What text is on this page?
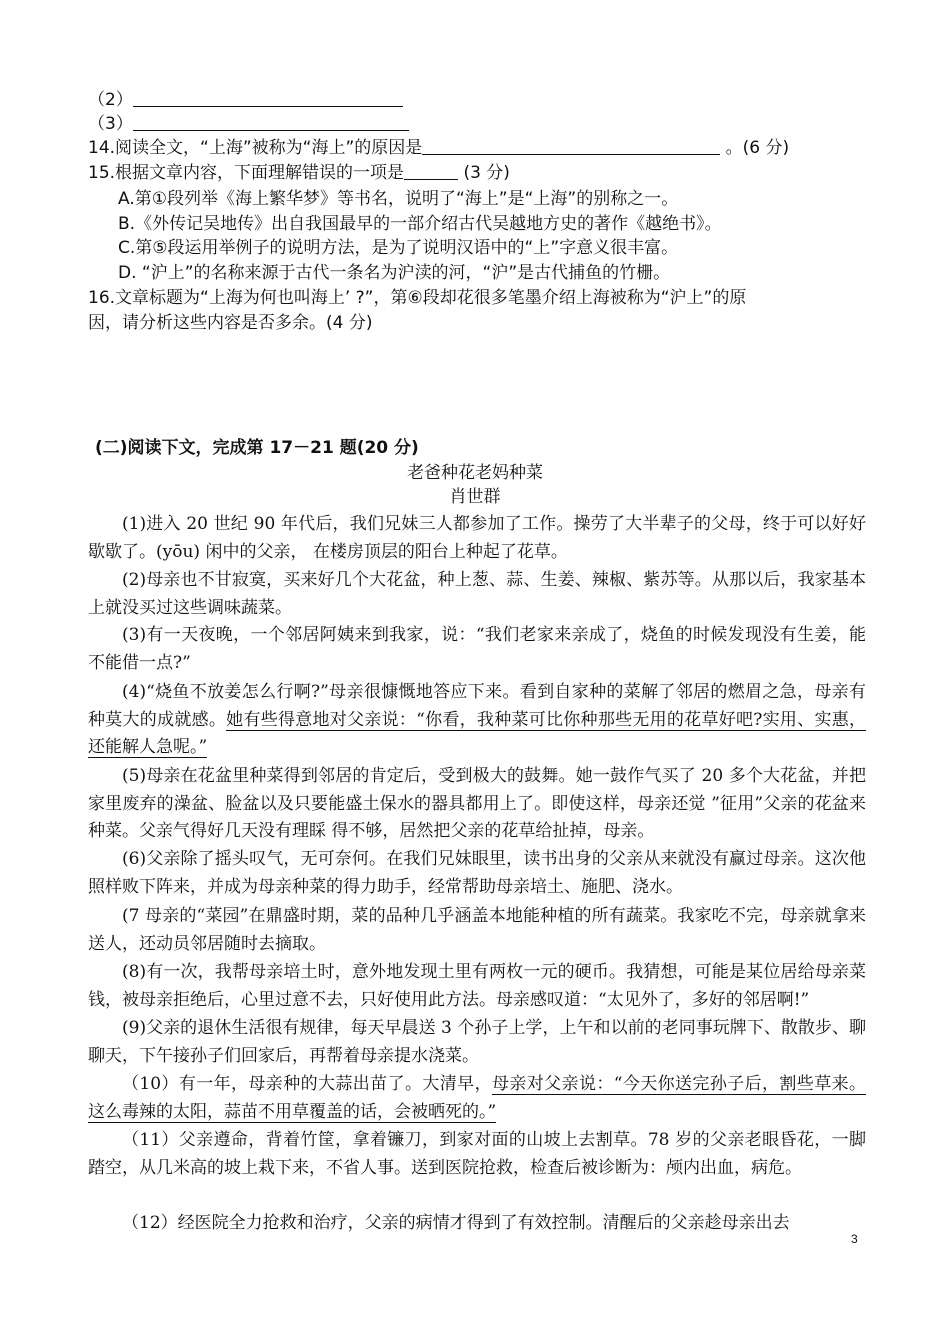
（2）
（3）
14.阅读全文，“上海”被称为“海上”的原因是	。(6 分)
15.根据文章内容，下面理解错误的一项是	(3 分)
A.第①段列举《海上繁华梦》等书名，说明了“海上”是“上海”的别称之一。
B.《外传记吴地传》出自我国最早的一部介绍古代吴越地方史的著作《越绝书》。
C.第⑤段运用举例子的说明方法，是为了说明汉语中的“上”字意义很丰富。
D. “沪上”的名称来源于古代一条名为沪渎的河，“沪”是古代捕鱼的竹栅。
16.文章标题为“上海为何也叫海上’ ?”，第⑥段却花很多笔墨介绍上海被称为“沪上”的原
因，请分析这些内容是否多余。(4 分)
(二)阅读下文，完成第 17－21 题(20 分)
老爸种花老妈种菜
肖世群
(1)进入 20 世纪 90 年代后，我们兄妹三人都参加了工作。操劳了大半辈子的父母，终于可以好好歇歇了。(yōu) 闲中的父亲， 在楼房顶层的阳台上种起了花草。
(2)母亲也不甘寂寞，买来好几个大花盆，种上葱、蒜、生姜、辣椒、紫苏等。从那以后，我家基本上就没买过这些调味蔬菜。
(3)有一天夜晚，一个邻居阿姨来到我家，说：“我们老家来亲成了，烧鱼的时候发现没有生姜，能不能借一点?”
(4)“烧鱼不放姜怎么行啊?”母亲很慷慨地答应下来。看到自家种的菜解了邻居的燃眉之急，母亲有种莫大的成就感。她有些得意地对父亲说：“你看，我种菜可比你种那些无用的花草好吧?实用、实惠，还能解人急呢。”
(5)母亲在花盆里种菜得到邻居的肯定后，受到极大的鼓舞。她一鼓作气买了 20 多个大花盆，并把家里废弃的澡盆、脸盆以及只要能盛土保水的器具都用上了。即使这样，母亲还觉 ”征用”父亲的花盆来种菜。父亲气得好几天没有理睬 得不够，居然把父亲的花草给扯掉，母亲。
(6)父亲除了摇头叹气，无可奈何。在我们兄妹眼里，读书出身的父亲从来就没有赢过母亲。这次他照样败下阵来，并成为母亲种菜的得力助手，经常帮助母亲培土、施肥、浇水。
(7 母亲的“菜园”在鼎盛时期，菜的品种几乎涵盖本地能种植的所有蔬菜。我家吃不完，母亲就拿来送人，还动员邻居随时去摘取。
(8)有一次，我帮母亲培土时，意外地发现土里有两枚一元的硬币。我猜想，可能是某位居给母亲菜钱，被母亲拒绝后，心里过意不去，只好使用此方法。母亲感叹道：“太见外了，多好的邻居啊!”
(9)父亲的退休生活很有规律，每天早晨送 3 个孙子上学，上午和以前的老同事玩牌下、散散步、聊聊天，下午接孙子们回家后，再帮着母亲提水浇菜。
（10）有一年，母亲种的大蒜出苗了。大清早，母亲对父亲说：“今天你送完孙子后，割些草来。这么毒辣的太阳，蒜苗不用草覆盖的话，会被晒死的。”
（11）父亲遵命，背着竹筐，拿着镰刀，到家对面的山坡上去割草。78 岁的父亲老眼昏花，一脚踏空，从几米高的坡上栽下来，不省人事。送到医院抢救，检查后被诊断为：颅内出血，病危。
（12）经医院全力抢救和治疗，父亲的病情才得到了有效控制。清醒后的父亲趁母亲出去
3
